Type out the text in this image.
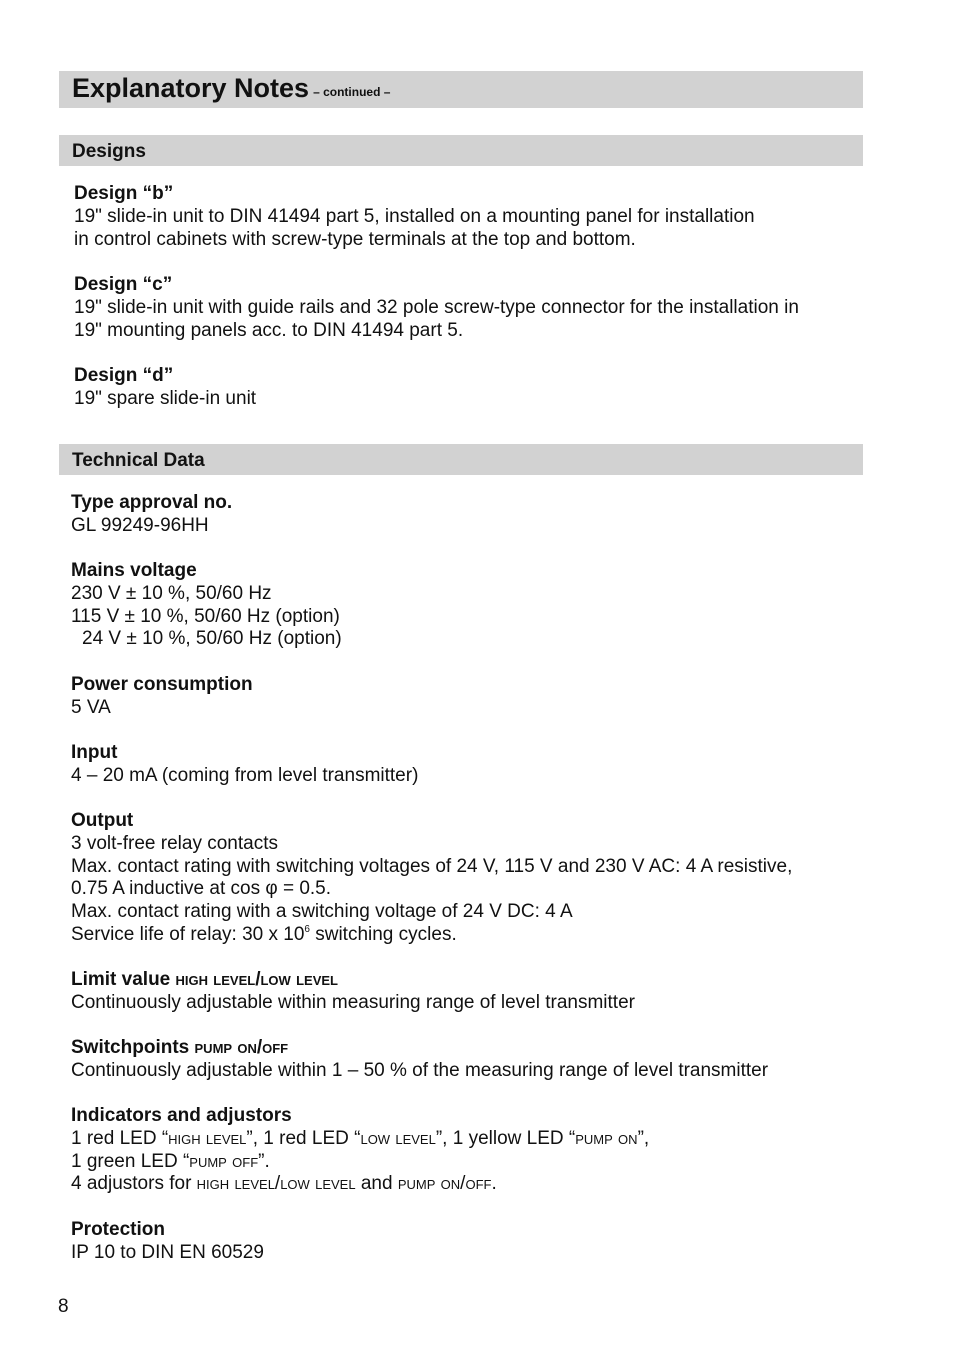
Explanatory Notes – continued –
Designs
Design “b”
19" slide-in unit to DIN 41494 part 5, installed on a mounting panel for installation
in control cabinets with screw-type terminals at the top and bottom.
Design “c”
19" slide-in unit with guide rails and 32 pole screw-type connector for the installation in
19" mounting panels acc. to DIN 41494 part 5.
Design “d”
19" spare slide-in unit
Technical Data
Type approval no.
GL 99249-96HH
Mains voltage
230 V ± 10 %, 50/60 Hz
115 V ± 10 %, 50/60 Hz (option)
24 V ± 10 %, 50/60 Hz (option)
Power consumption
5 VA
Input
4 – 20 mA (coming from level transmitter)
Output
3 volt-free relay contacts
Max. contact rating with switching voltages of 24 V, 115 V and 230 V AC: 4 A resistive,
0.75 A inductive at cos φ = 0.5.
Max. contact rating with a switching voltage of 24 V DC: 4 A
Service life of relay: 30 x $10^6$ switching cycles.
Limit value high level/low level
Continuously adjustable within measuring range of level transmitter
Switchpoints pump on/off
Continuously adjustable within 1 – 50 % of the measuring range of level transmitter
Indicators and adjustors
1 red LED “high level”, 1 red LED “low level”, 1 yellow LED “pump on”,
1 green LED “pump off”.
4 adjustors for high level/low level and pump on/off.
Protection
IP 10 to DIN EN 60529
8
